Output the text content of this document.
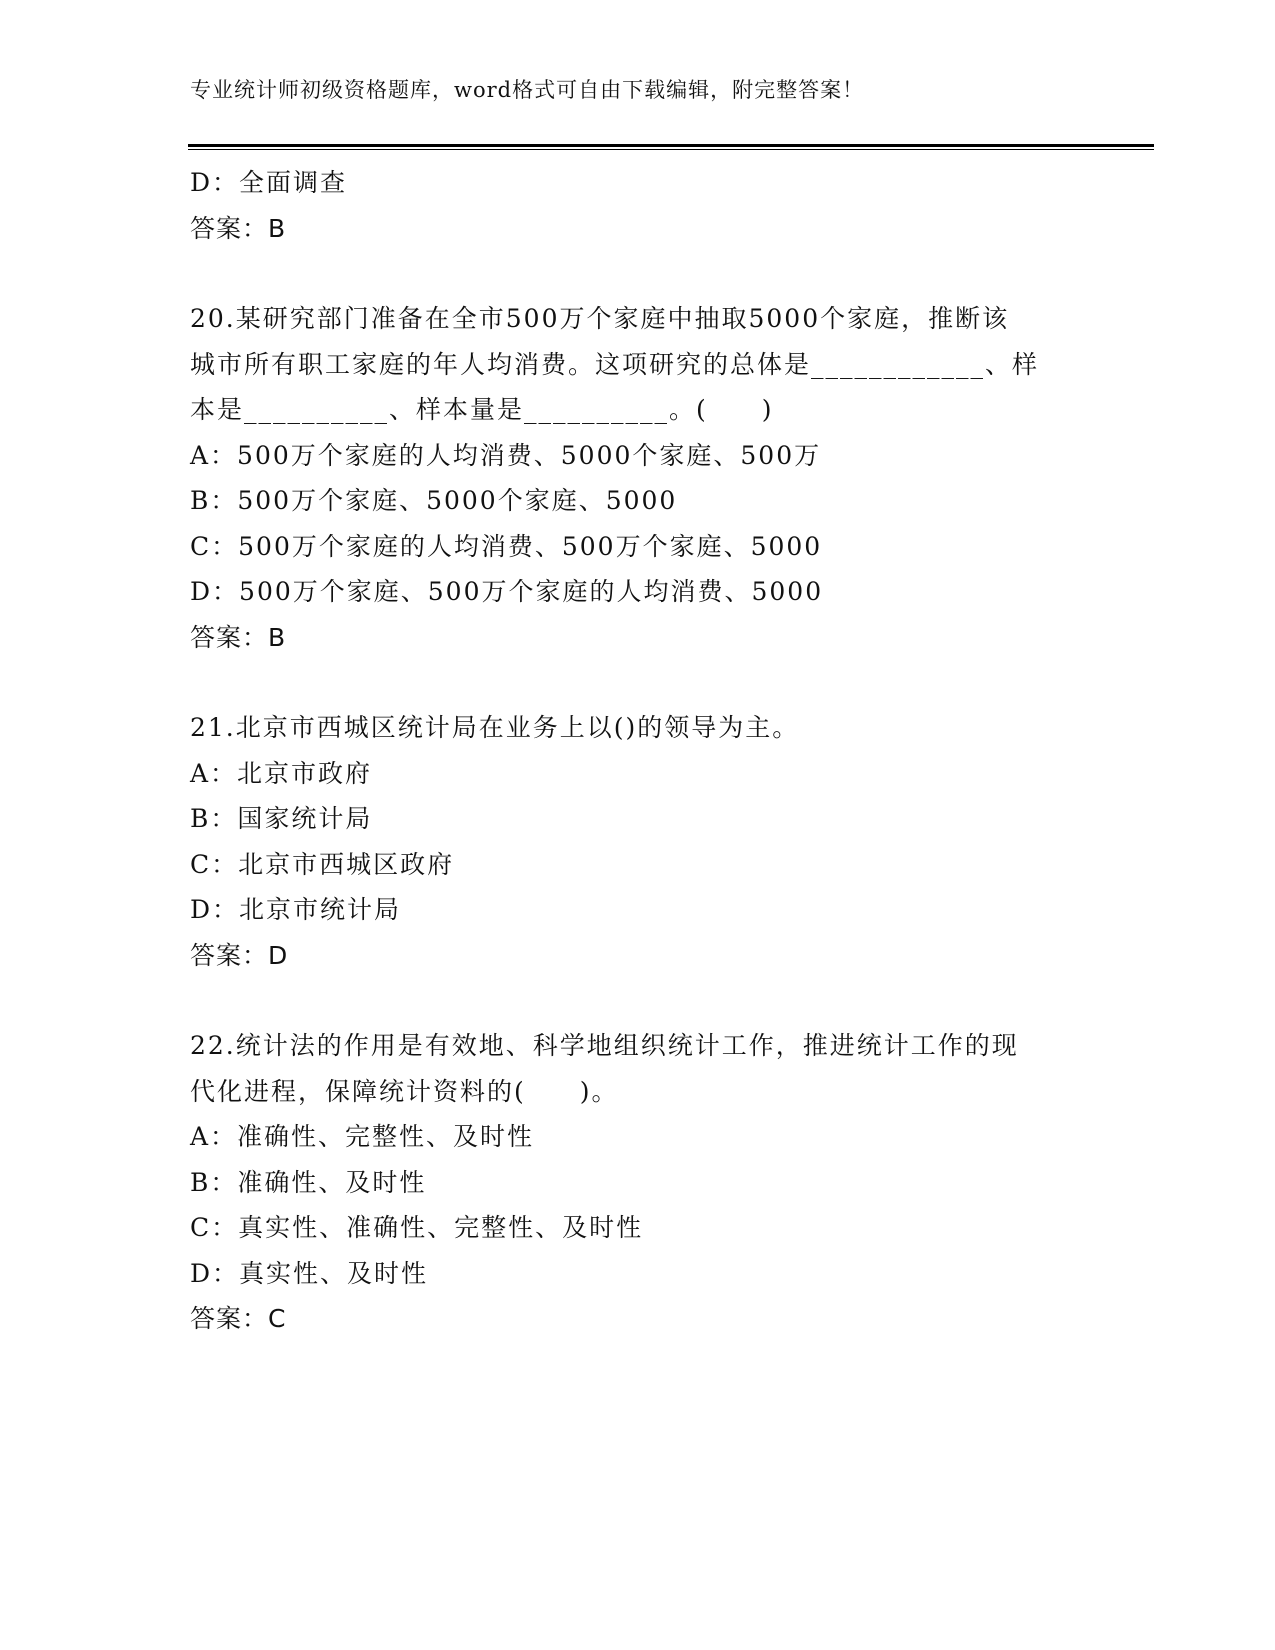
专业统计师初级资格题库，word格式可自由下载编辑，附完整答案！
D：全面调查
答案：B
20.某研究部门准备在全市500万个家庭中抽取5000个家庭，推断该
城市所有职工家庭的年人均消费。这项研究的总体是____________、样
本是__________、样本量是__________。(　　)
A：500万个家庭的人均消费、5000个家庭、500万
B：500万个家庭、5000个家庭、5000
C：500万个家庭的人均消费、500万个家庭、5000
D：500万个家庭、500万个家庭的人均消费、5000
答案：B
21.北京市西城区统计局在业务上以()的领导为主。
A：北京市政府
B：国家统计局
C：北京市西城区政府
D：北京市统计局
答案：D
22.统计法的作用是有效地、科学地组织统计工作，推进统计工作的现
代化进程，保障统计资料的(　　)。
A：准确性、完整性、及时性
B：准确性、及时性
C：真实性、准确性、完整性、及时性
D：真实性、及时性
答案：C
